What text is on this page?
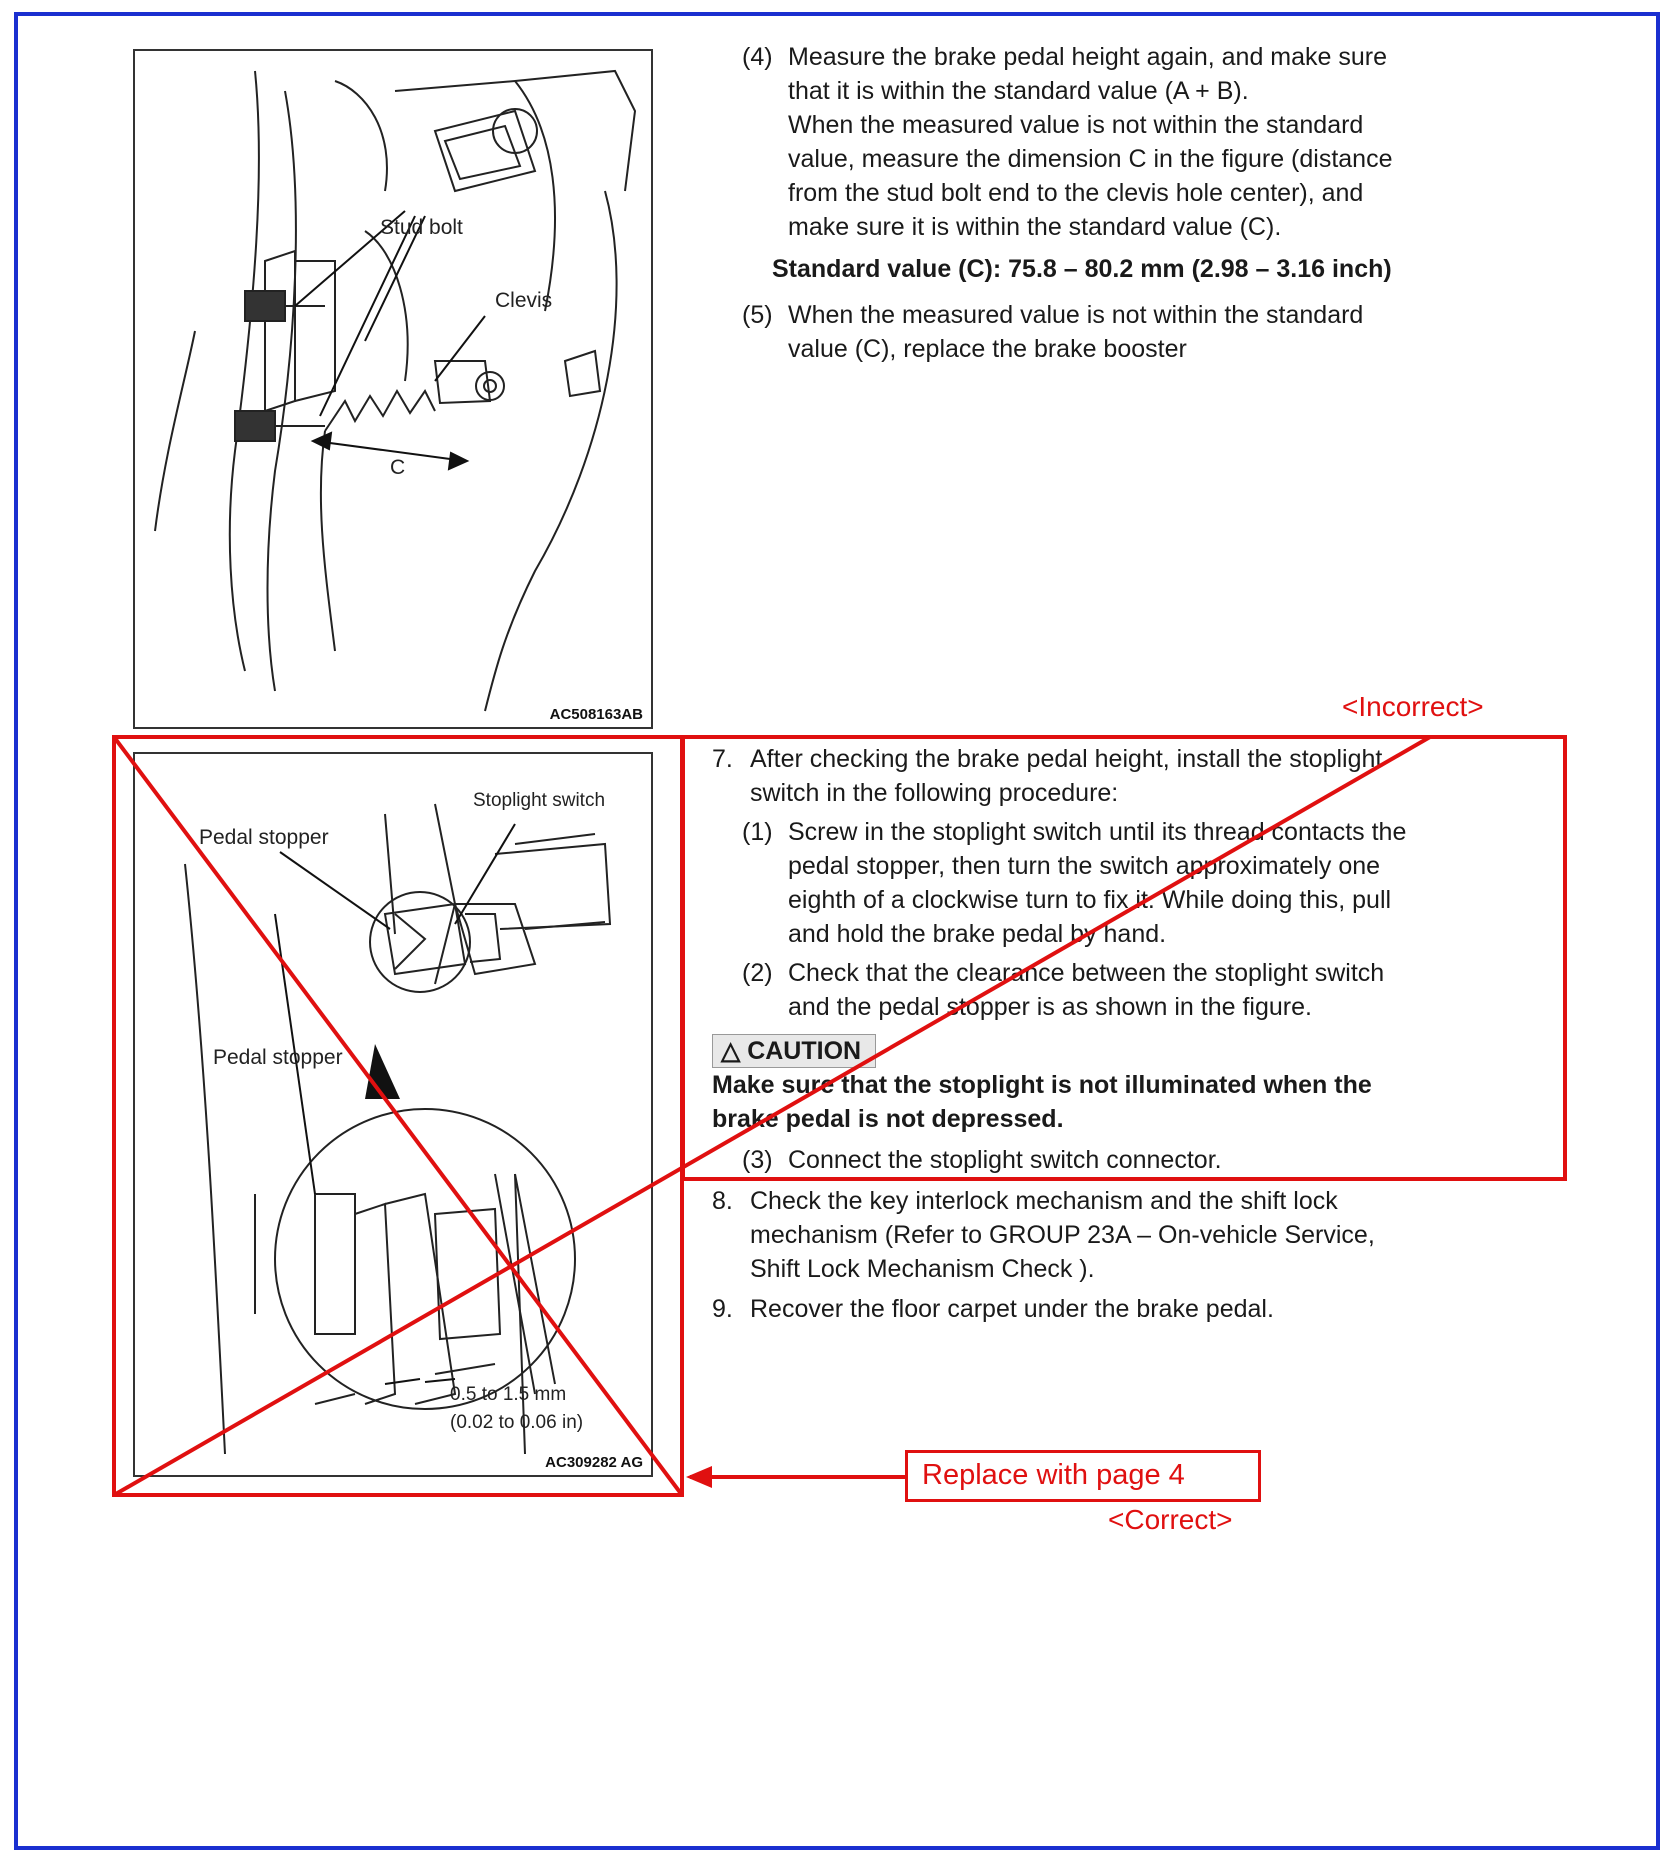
Stud bolt
Clevis
C
AC508163AB
(4) Measure the brake pedal height again, and make sure
that it is within the standard value (A + B).
When the measured value is not within the standard
value, measure the dimension C in the figure (distance
from the stud bolt end to the clevis hole center), and
make sure it is within the standard value (C).
Standard value (C): 75.8 – 80.2 mm (2.98 – 3.16 inch)
(5) When the measured value is not within the standard
value (C), replace the brake booster
<Incorrect>
Stoplight switch
Pedal stopper
Pedal stopper
0.5 to 1.5 mm
(0.02 to 0.06 in)
AC309282 AG
7. After checking the brake pedal height, install the stoplight
switch in the following procedure:
(1) Screw in the stoplight switch until its thread contacts the
pedal stopper, then turn the switch approximately one
eighth of a clockwise turn to fix it. While doing this, pull
and hold the brake pedal by hand.
(2) Check that the clearance between the stoplight switch
and the pedal stopper is as shown in the figure.
△ CAUTION
Make sure that the stoplight is not illuminated when the
brake pedal is not depressed.
(3) Connect the stoplight switch connector.
8. Check the key interlock mechanism and the shift lock
mechanism (Refer to GROUP 23A – On-vehicle Service,
Shift Lock Mechanism Check ).
9. Recover the floor carpet under the brake pedal.
Replace with page 4
<Correct>
